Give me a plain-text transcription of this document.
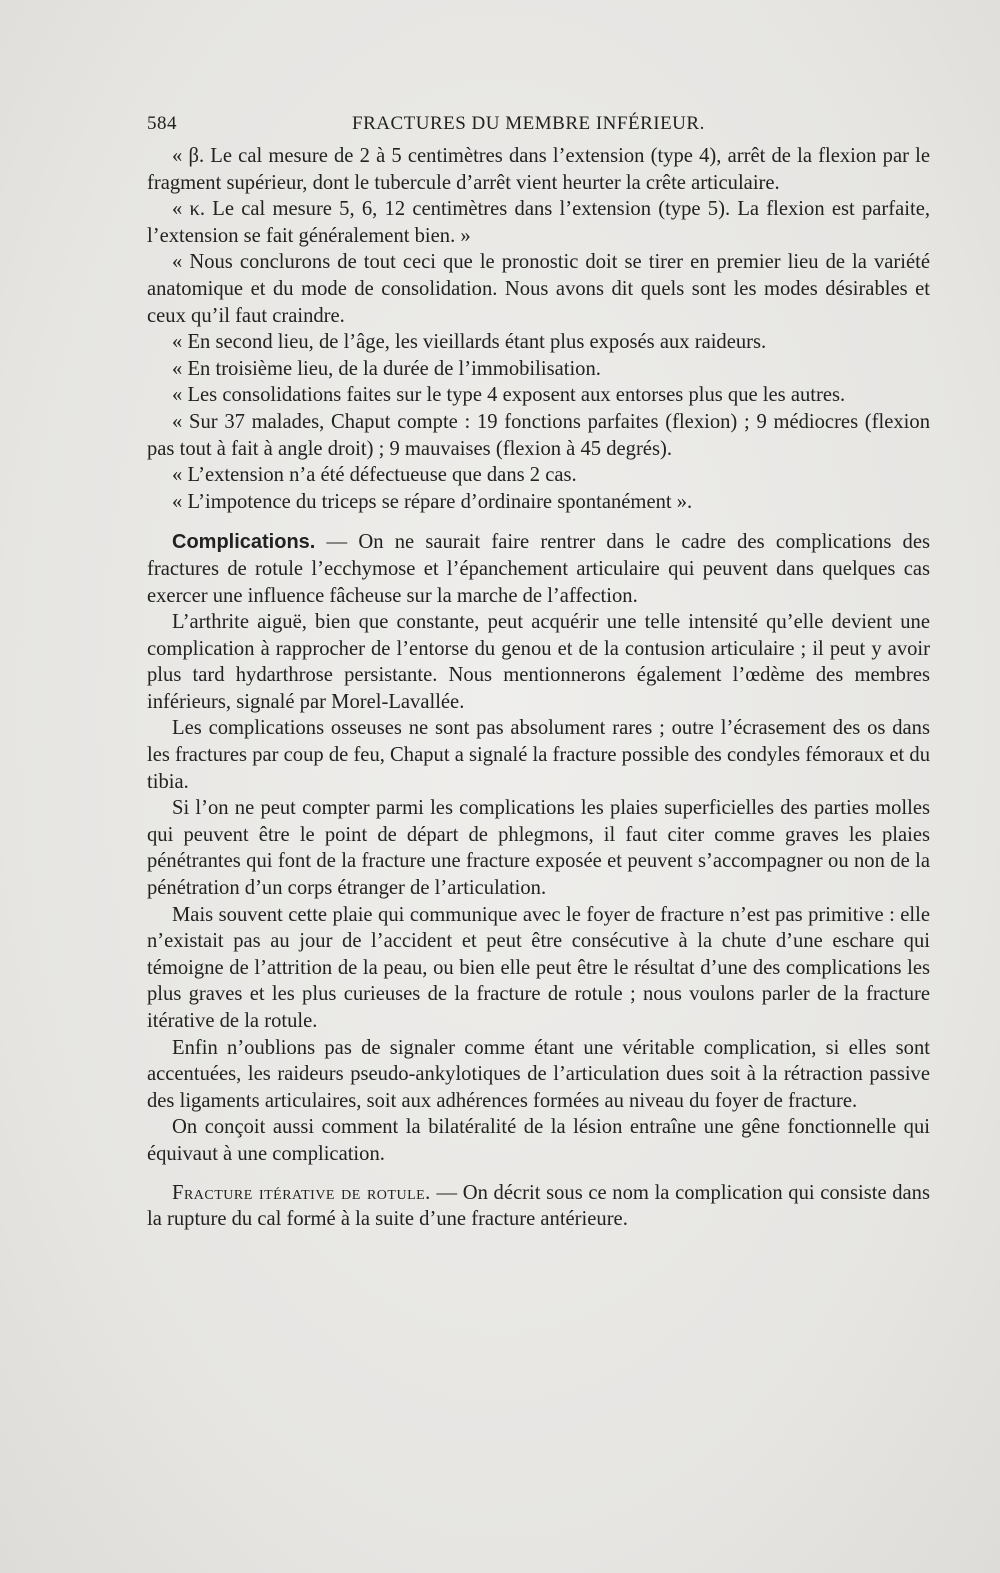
584	FRACTURES DU MEMBRE INFÉRIEUR.

« β. Le cal mesure de 2 à 5 centimètres dans l’extension (type 4), arrêt de la flexion par le fragment supérieur, dont le tubercule d’arrêt vient heurter la crête articulaire.

« κ. Le cal mesure 5, 6, 12 centimètres dans l’extension (type 5). La flexion est parfaite, l’extension se fait généralement bien. »

« Nous conclurons de tout ceci que le pronostic doit se tirer en premier lieu de la variété anatomique et du mode de consolidation. Nous avons dit quels sont les modes désirables et ceux qu’il faut craindre.

« En second lieu, de l’âge, les vieillards étant plus exposés aux raideurs.

« En troisième lieu, de la durée de l’immobilisation.

« Les consolidations faites sur le type 4 exposent aux entorses plus que les autres.

« Sur 37 malades, Chaput compte : 19 fonctions parfaites (flexion) ; 9 médiocres (flexion pas tout à fait à angle droit) ; 9 mauvaises (flexion à 45 degrés).

« L’extension n’a été défectueuse que dans 2 cas.

« L’impotence du triceps se répare d’ordinaire spontanément ».

Complications. — On ne saurait faire rentrer dans le cadre des complications des fractures de rotule l’ecchymose et l’épanchement articulaire qui peuvent dans quelques cas exercer une influence fâcheuse sur la marche de l’affection.

L’arthrite aiguë, bien que constante, peut acquérir une telle intensité qu’elle devient une complication à rapprocher de l’entorse du genou et de la contusion articulaire ; il peut y avoir plus tard hydarthrose persistante. Nous mentionnerons également l’œdème des membres inférieurs, signalé par Morel-Lavallée.

Les complications osseuses ne sont pas absolument rares ; outre l’écrasement des os dans les fractures par coup de feu, Chaput a signalé la fracture possible des condyles fémoraux et du tibia.

Si l’on ne peut compter parmi les complications les plaies superficielles des parties molles qui peuvent être le point de départ de phlegmons, il faut citer comme graves les plaies pénétrantes qui font de la fracture une fracture exposée et peuvent s’accompagner ou non de la pénétration d’un corps étranger de l’articulation.

Mais souvent cette plaie qui communique avec le foyer de fracture n’est pas primitive : elle n’existait pas au jour de l’accident et peut être consécutive à la chute d’une eschare qui témoigne de l’attrition de la peau, ou bien elle peut être le résultat d’une des complications les plus graves et les plus curieuses de la fracture de rotule ; nous voulons parler de la fracture itérative de la rotule.

Enfin n’oublions pas de signaler comme étant une véritable complication, si elles sont accentuées, les raideurs pseudo-ankylotiques de l’articulation dues soit à la rétraction passive des ligaments articulaires, soit aux adhérences formées au niveau du foyer de fracture.

On conçoit aussi comment la bilatéralité de la lésion entraîne une gêne fonctionnelle qui équivaut à une complication.

Fracture itérative de rotule. — On décrit sous ce nom la complication qui consiste dans la rupture du cal formé à la suite d’une fracture antérieure.
